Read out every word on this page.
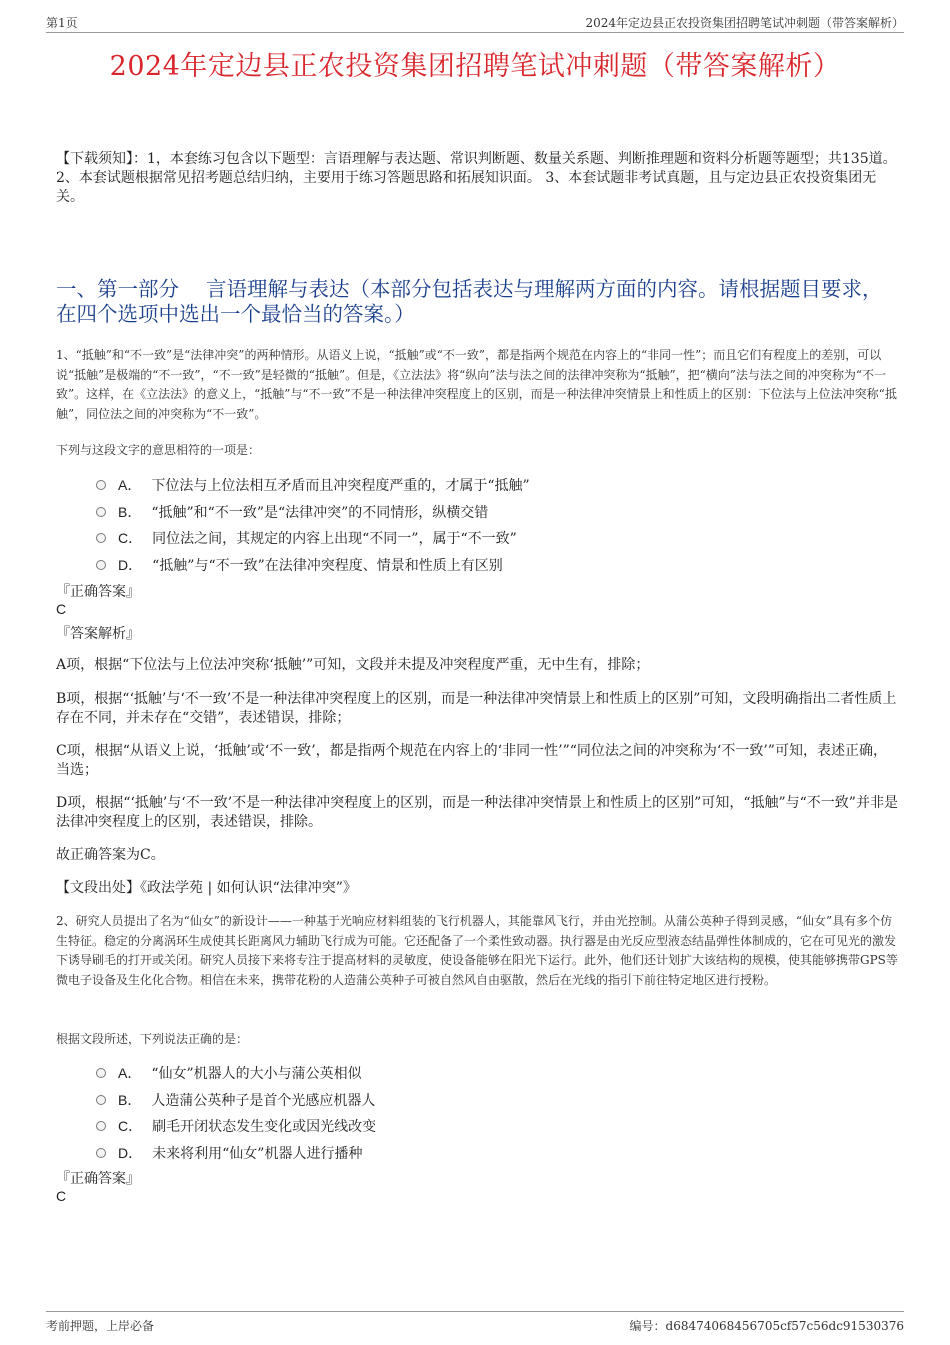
第1页	2024年定边县正农投资集团招聘笔试冲刺题（带答案解析）
2024年定边县正农投资集团招聘笔试冲刺题（带答案解析）
【下载须知】：1，本套练习包含以下题型：言语理解与表达题、常识判断题、数量关系题、判断推理题和资料分析题等题型；共135道。 2、本套试题根据常见招考题总结归纳，主要用于练习答题思路和拓展知识面。 3、本套试题非考试真题，且与定边县正农投资集团无关。
一、第一部分　 言语理解与表达（本部分包括表达与理解两方面的内容。请根据题目要求，在四个选项中选出一个最恰当的答案。）
1、“抵触”和“不一致”是“法律冲突”的两种情形。从语义上说，“抵触”或“不一致”，都是指两个规范在内容上的“非同一性”；而且它们有程度上的差别，可以说“抵触”是极端的“不一致”，“不一致”是轻微的“抵触”。但是，《立法法》将“纵向”法与法之间的法律冲突称为“抵触”，把“横向”法与法之间的冲突称为“不一致”。这样，在《立法法》的意义上，“抵触”与“不一致”不是一种法律冲突程度上的区别，而是一种法律冲突情景上和性质上的区别：下位法与上位法冲突称“抵触”，同位法之间的冲突称为“不一致”。
下列与这段文字的意思相符的一项是：
A． 下位法与上位法相互矛盾而且冲突程度严重的，才属于“抵触”
B． “抵触”和“不一致”是“法律冲突”的不同情形，纵横交错
C． 同位法之间，其规定的内容上出现“不同一”，属于“不一致”
D． “抵触”与“不一致”在法律冲突程度、情景和性质上有区别
『正确答案』
C
『答案解析』
A项，根据“下位法与上位法冲突称‘抵触’”可知，文段并未提及冲突程度严重，无中生有，排除；
B项，根据“‘抵触’与‘不一致’不是一种法律冲突程度上的区别，而是一种法律冲突情景上和性质上的区别”可知，文段明确指出二者性质上存在不同，并未存在“交错”，表述错误，排除；
C项，根据“从语义上说，‘抵触’或‘不一致’，都是指两个规范在内容上的‘非同一性’”“同位法之间的冲突称为‘不一致’”可知，表述正确，当选；
D项，根据“‘抵触’与‘不一致’不是一种法律冲突程度上的区别，而是一种法律冲突情景上和性质上的区别”可知，“抵触”与“不一致”并非是法律冲突程度上的区别，表述错误，排除。
故正确答案为C。
【文段出处】《政法学苑 | 如何认识“法律冲突”》
2、研究人员提出了名为“仙女”的新设计——一种基于光响应材料组装的飞行机器人，其能靠风飞行，并由光控制。从蒲公英种子得到灵感，“仙女”具有多个仿生特征。稳定的分离涡环生成使其长距离风力辅助飞行成为可能。它还配备了一个柔性致动器。执行器是由光反应型液态结晶弹性体制成的，它在可见光的激发下诱导刷毛的打开或关闭。研究人员接下来将专注于提高材料的灵敏度，使设备能够在阳光下运行。此外，他们还计划扩大该结构的规模，使其能够携带GPS等微电子设备及生化化合物。相信在未来，携带花粉的人造蒲公英种子可被自然风自由驱散，然后在光线的指引下前往特定地区进行授粉。
根据文段所述，下列说法正确的是：
A． “仙女”机器人的大小与蒲公英相似
B． 人造蒲公英种子是首个光感应机器人
C． 刷毛开闭状态发生变化或因光线改变
D． 未来将利用“仙女”机器人进行播种
『正确答案』
C
考前押题，上岸必备	编号：d68474068456705cf57c56dc91530376
